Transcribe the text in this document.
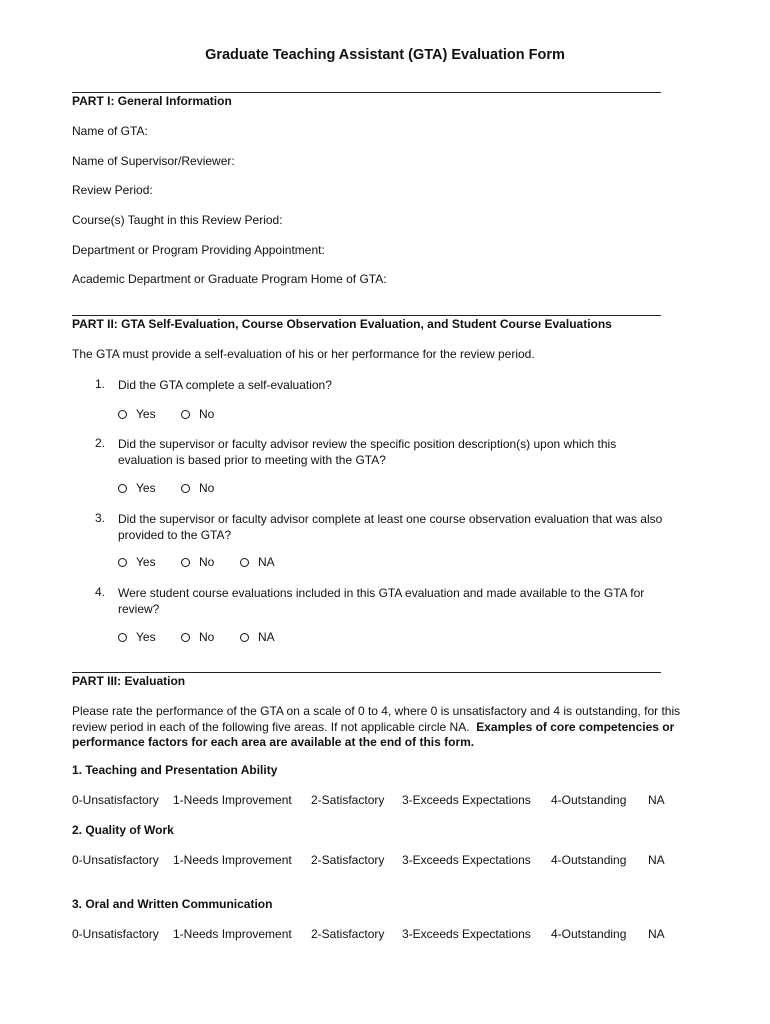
Graduate Teaching Assistant (GTA) Evaluation Form
PART I: General Information
Name of GTA:
Name of Supervisor/Reviewer:
Review Period:
Course(s) Taught in this Review Period:
Department or Program Providing Appointment:
Academic Department or Graduate Program Home of GTA:
PART II: GTA Self-Evaluation, Course Observation Evaluation, and Student Course Evaluations
The GTA must provide a self-evaluation of his or her performance for the review period.
1. Did the GTA complete a self-evaluation?
Yes	No
2. Did the supervisor or faculty advisor review the specific position description(s) upon which this evaluation is based prior to meeting with the GTA?
Yes	No
3. Did the supervisor or faculty advisor complete at least one course observation evaluation that was also provided to the GTA?
Yes	No	NA
4. Were student course evaluations included in this GTA evaluation and made available to the GTA for review?
Yes	No	NA
PART III: Evaluation
Please rate the performance of the GTA on a scale of 0 to 4, where 0 is unsatisfactory and 4 is outstanding, for this review period in each of the following five areas. If not applicable circle NA. Examples of core competencies or performance factors for each area are available at the end of this form.
1. Teaching and Presentation Ability
0-Unsatisfactory 1-Needs Improvement 2-Satisfactory 3-Exceeds Expectations 4-Outstanding NA
2. Quality of Work
0-Unsatisfactory 1-Needs Improvement 2-Satisfactory 3-Exceeds Expectations 4-Outstanding NA
3. Oral and Written Communication
0-Unsatisfactory 1-Needs Improvement 2-Satisfactory 3-Exceeds Expectations 4-Outstanding NA
